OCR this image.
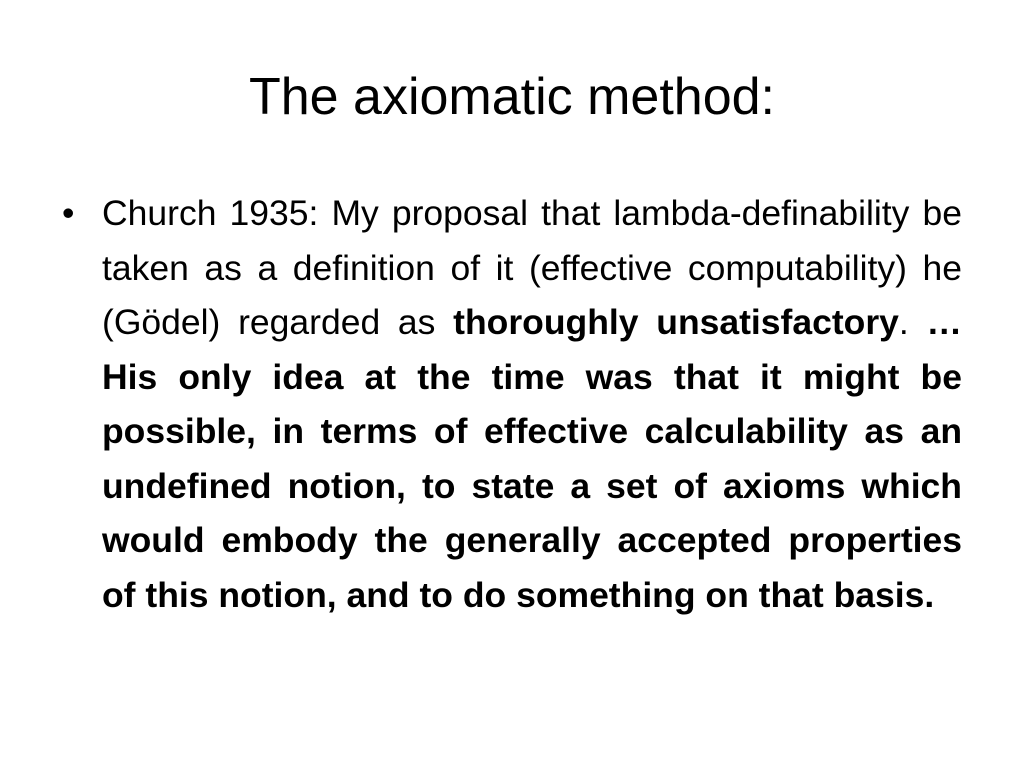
The axiomatic method:
• Church 1935: My proposal that lambda-definability be taken as a definition of it (effective computability) he (Gödel) regarded as thoroughly unsatisfactory. … His only idea at the time was that it might be possible, in terms of effective calculability as an undefined notion, to state a set of axioms which would embody the generally accepted properties of this notion, and to do something on that basis.
